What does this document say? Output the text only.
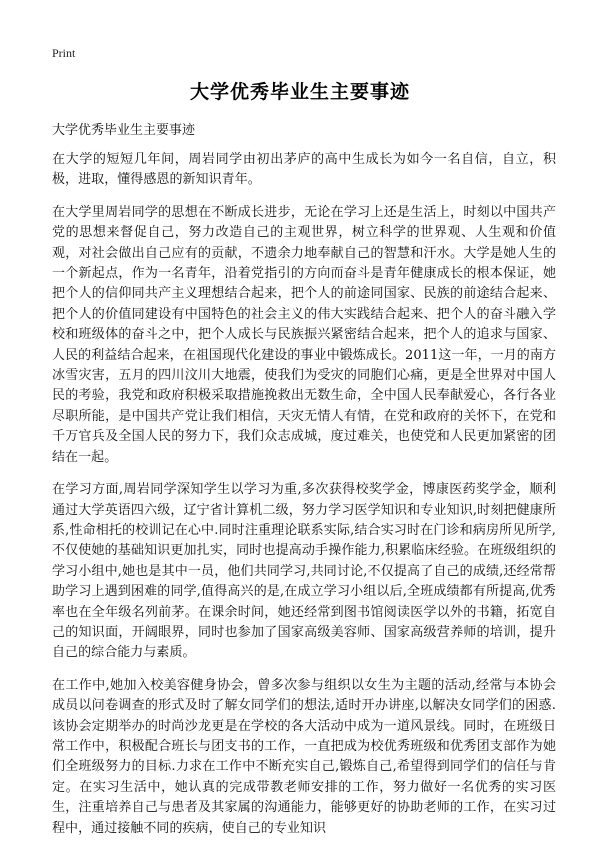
Print
大学优秀毕业生主要事迹
大学优秀毕业生主要事迹

在大学的短短几年间，周岩同学由初出茅庐的高中生成长为如今一名自信，自立，积极，进取，懂得感恩的新知识青年。

在大学里周岩同学的思想在不断成长进步，无论在学习上还是生活上，时刻以中国共产党的思想来督促自己，努力改造自己的主观世界，树立科学的世界观、人生观和价值观，对社会做出自己应有的贡献，不遗余力地奉献自己的智慧和汗水。大学是她人生的一个新起点，作为一名青年，沿着党指引的方向而奋斗是青年健康成长的根本保证，她把个人的信仰同共产主义理想结合起来，把个人的前途同国家、民族的前途结合起来、把个人的价值同建设有中国特色的社会主义的伟大实践结合起来、把个人的奋斗融入学校和班级体的奋斗之中，把个人成长与民族振兴紧密结合起来，把个人的追求与国家、人民的利益结合起来，在祖国现代化建设的事业中锻炼成长。2011这一年，一月的南方冰雪灾害，五月的四川汶川大地震，使我们为受灾的同胞们心痛，更是全世界对中国人民的考验，我党和政府积极采取措施挽救出无数生命，全中国人民奉献爱心，各行各业尽职所能，是中国共产党让我们相信，天灾无情人有情，在党和政府的关怀下，在党和千万官兵及全国人民的努力下，我们众志成城，度过难关，也使党和人民更加紧密的团结在一起。

在学习方面,周岩同学深知学生以学习为重,多次获得校奖学金，博康医药奖学金，顺利通过大学英语四六级，辽宁省计算机二级，努力学习医学知识和专业知识,时刻把健康所系,性命相托的校训记在心中.同时注重理论联系实际,结合实习时在门诊和病房所见所学,不仅使她的基础知识更加扎实，同时也提高动手操作能力,积累临床经验。在班级组织的学习小组中,她也是其中一员，他们共同学习,共同讨论,不仅提高了自己的成绩,还经常帮助学习上遇到困难的同学,值得高兴的是,在成立学习小组以后,全班成绩都有所提高,优秀率也在全年级名列前茅。在课余时间，她还经常到图书馆阅读医学以外的书籍，拓宽自己的知识面，开阔眼界，同时也参加了国家高级美容师、国家高级营养师的培训，提升自己的综合能力与素质。

在工作中,她加入校美容健身协会，曾多次参与组织以女生为主题的活动,经常与本协会成员以问卷调查的形式及时了解女同学们的想法,适时开办讲座,以解决女同学们的困惑.该协会定期举办的时尚沙龙更是在学校的各大活动中成为一道风景线。同时，在班级日常工作中，积极配合班长与团支书的工作，一直把成为校优秀班级和优秀团支部作为她们全班级努力的目标.力求在工作中不断充实自己,锻炼自己,希望得到同学们的信任与肯定。在实习生活中，她认真的完成带教老师安排的工作，努力做好一名优秀的实习医生，注重培养自己与患者及其家属的沟通能力，能够更好的协助老师的工作，在实习过程中，通过接触不同的疾病，使自己的专业知识
